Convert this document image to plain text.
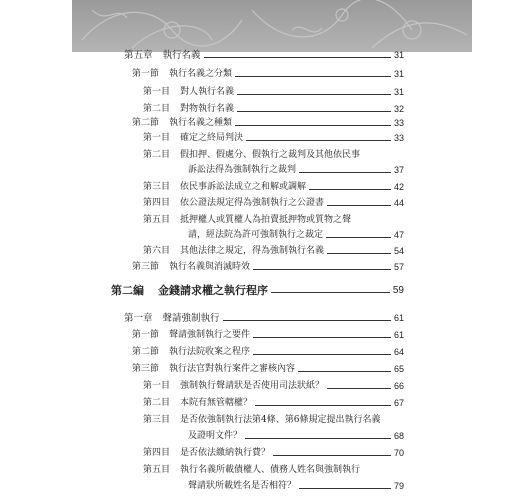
第五章 執行名義	31
第一節 執行名義之分類	31
第一目 對人執行名義	31
第二目 對物執行名義	32
第二節 執行名義之種類	33
第一目 確定之終局判決	33
第二目 假扣押、假處分、假執行之裁判及其他依民事
訴訟法得為強制執行之裁判	37
第三目 依民事訴訟法成立之和解或調解	42
第四目 依公證法規定得為強制執行之公證書	44
第五目 抵押權人或質權人為拍賣抵押物或質物之聲
請，經法院為許可強制執行之裁定	47
第六目 其他法律之規定，得為強制執行名義	54
第三節 執行名義與消滅時效	57
第二編 金錢請求權之執行程序	59
第一章 聲請強制執行	61
第一節 聲請強制執行之要件	61
第二節 執行法院收案之程序	64
第三節 執行法官對執行案件之審核內容	65
第一目 強制執行聲請狀是否使用司法狀紙？	66
第二目 本院有無管轄權？	67
第三目 是否依強制執行法第4條、第6條規定提出執行名義
及證明文件？	68
第四目 是否依法繳納執行費？	70
第五目 執行名義所載債權人、債務人姓名與強制執行
聲請狀所載姓名是否相符？	79
